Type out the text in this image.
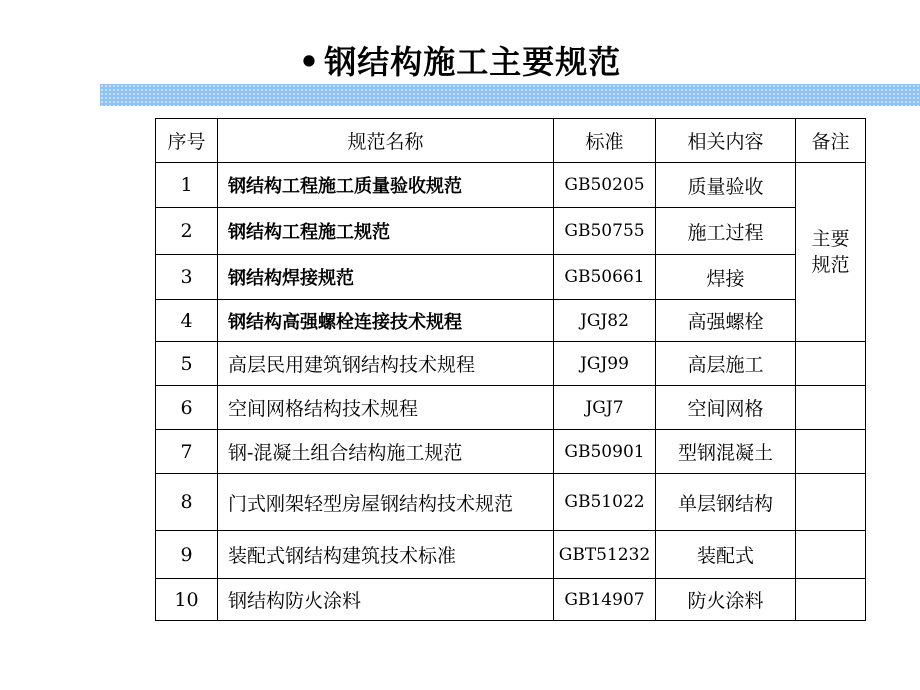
• 钢结构施工主要规范
序号	规范名称	标准	相关内容	备注
1	钢结构工程施工质量验收规范	GB50205	质量验收	主要
规范
2	钢结构工程施工规范	GB50755	施工过程	
3	钢结构焊接规范	GB50661	焊接	
4	钢结构高强螺栓连接技术规程	JGJ82	高强螺栓	
5	高层民用建筑钢结构技术规程	JGJ99	高层施工	
6	空间网格结构技术规程	JGJ7	空间网格	
7	钢-混凝土组合结构施工规范	GB50901	型钢混凝土	
8	门式刚架轻型房屋钢结构技术规范	GB51022	单层钢结构	
9	装配式钢结构建筑技术标准	GBT51232	装配式	
10	钢结构防火涂料	GB14907	防火涂料	
